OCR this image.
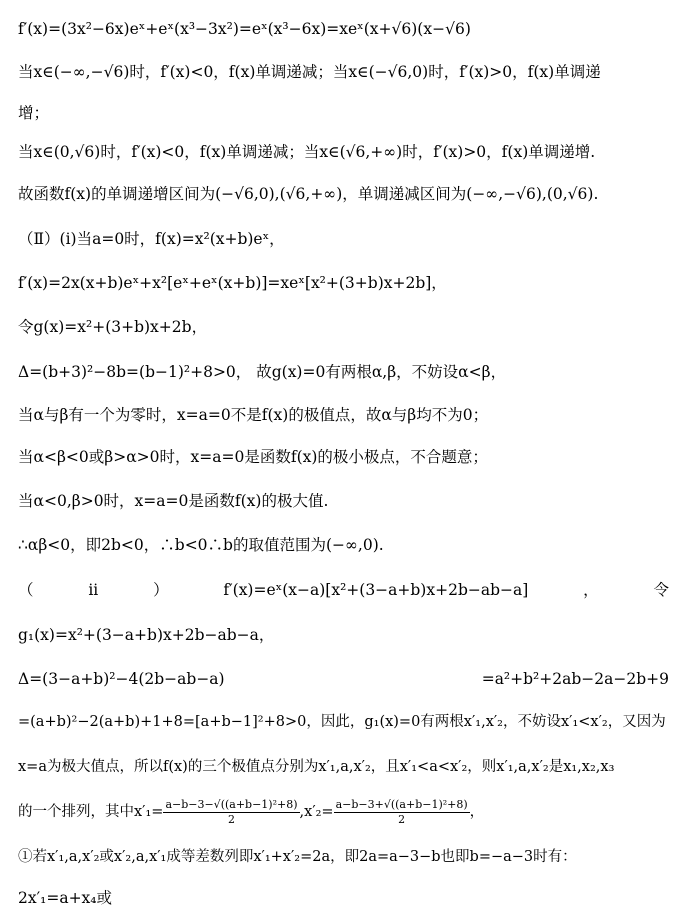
f′(x)=(3x²−6x)eˣ+eˣ(x³−3x²)=eˣ(x³−6x)=xeˣ(x+√6)(x−√6)
当x∈(−∞,−√6)时，f′(x)<0，f(x)单调递减；当x∈(−√6,0)时，f′(x)>0，f(x)单调递
增；
当x∈(0,√6)时，f′(x)<0，f(x)单调递减；当x∈(√6,+∞)时，f′(x)>0，f(x)单调递增.
故函数f(x)的单调递增区间为(−√6,0),(√6,+∞)，单调递减区间为(−∞,−√6),(0,√6).
（Ⅱ）(ⅰ)当a=0时，f(x)=x²(x+b)eˣ，
f′(x)=2x(x+b)eˣ+x²[eˣ+eˣ(x+b)]=xeˣ[x²+(3+b)x+2b]，
令g(x)=x²+(3+b)x+2b，
Δ=(b+3)²−8b=(b−1)²+8>0， 故g(x)=0有两根α,β，不妨设α<β，
当α与β有一个为零时，x=a=0不是f(x)的极值点，故α与β均不为0；
当α<β<0或β>α>0时，x=a=0是函数f(x)的极小极点，不合题意；
当α<0,β>0时，x=a=0是函数f(x)的极大值.
∴αβ<0，即2b<0，∴b<0∴b的取值范围为(−∞,0).
（	ii	）	f′(x)=eˣ(x−a)[x²+(3−a+b)x+2b−ab−a]	，	令
g₁(x)=x²+(3−a+b)x+2b−ab−a，
Δ=(3−a+b)²−4(2b−ab−a)	=a²+b²+2ab−2a−2b+9
=(a+b)²−2(a+b)+1+8=[a+b−1]²+8>0，因此，g₁(x)=0有两根x′₁,x′₂，不妨设x′₁<x′₂，又因为
x=a为极大值点，所以f(x)的三个极值点分别为x′₁,a,x′₂，且x′₁<a<x′₂，则x′₁,a,x′₂是x₁,x₂,x₃
的一个排列，其中$x'_1= \frac{\text{a−b−3−√((a+b−1)²+8)}}{2} ,x'_2= \frac{\text{a−b−3+√((a+b−1)²+8)}}{2}$ ，
①若x′₁,a,x′₂或x′₂,a,x′₁成等差数列即x′₁+x′₂=2a，即2a=a−3−b也即b=−a−3时有：
2x′₁=a+x₄或
